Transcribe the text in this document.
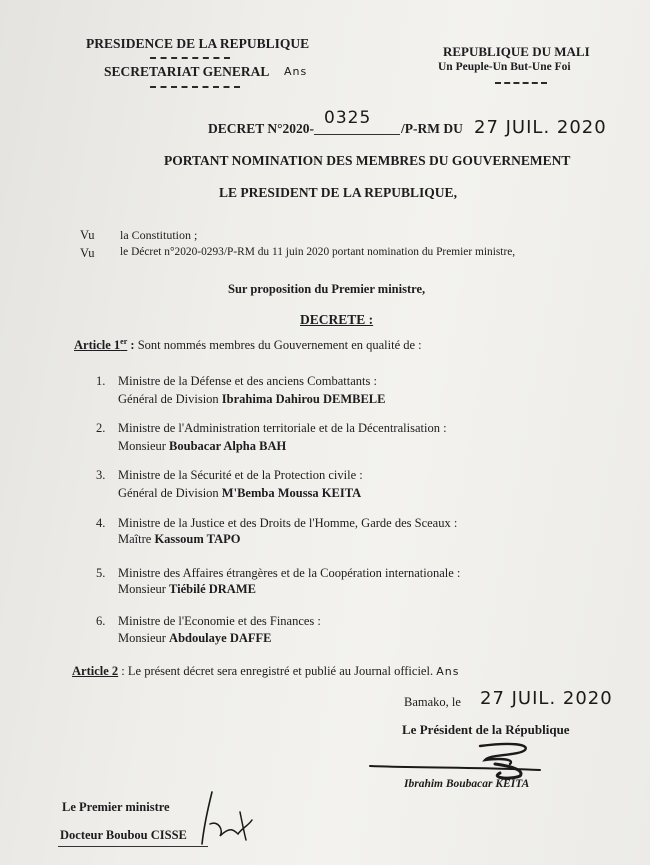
PRESIDENCE DE LA REPUBLIQUE
SECRETARIAT GENERAL Ans
REPUBLIQUE DU MALI
Un Peuple-Un But-Une Foi
DECRET N°2020-
0325
/P-RM DU 27 JUIL. 2020
PORTANT NOMINATION DES MEMBRES DU GOUVERNEMENT
LE PRESIDENT DE LA REPUBLIQUE,
Vu la Constitution ;
Vu le Décret n°2020-0293/P-RM du 11 juin 2020 portant nomination du Premier ministre,
Sur proposition du Premier ministre,
DECRETE :
Article 1er : Sont nommés membres du Gouvernement en qualité de :
1. Ministre de la Défense et des anciens Combattants :
Général de Division Ibrahima Dahirou DEMBELE
2. Ministre de l'Administration territoriale et de la Décentralisation :
Monsieur Boubacar Alpha BAH
3. Ministre de la Sécurité et de la Protection civile :
Général de Division M'Bemba Moussa KEITA
4. Ministre de la Justice et des Droits de l'Homme, Garde des Sceaux :
Maître Kassoum TAPO
5. Ministre des Affaires étrangères et de la Coopération internationale :
Monsieur Tiébilé DRAME
6. Ministre de l'Economie et des Finances :
Monsieur Abdoulaye DAFFE
Article 2 : Le présent décret sera enregistré et publié au Journal officiel. Ans
Bamako, le 27 JUIL. 2020
Le Président de la République
Ibrahim Boubacar KEITA
Le Premier ministre
Docteur Boubou CISSE
